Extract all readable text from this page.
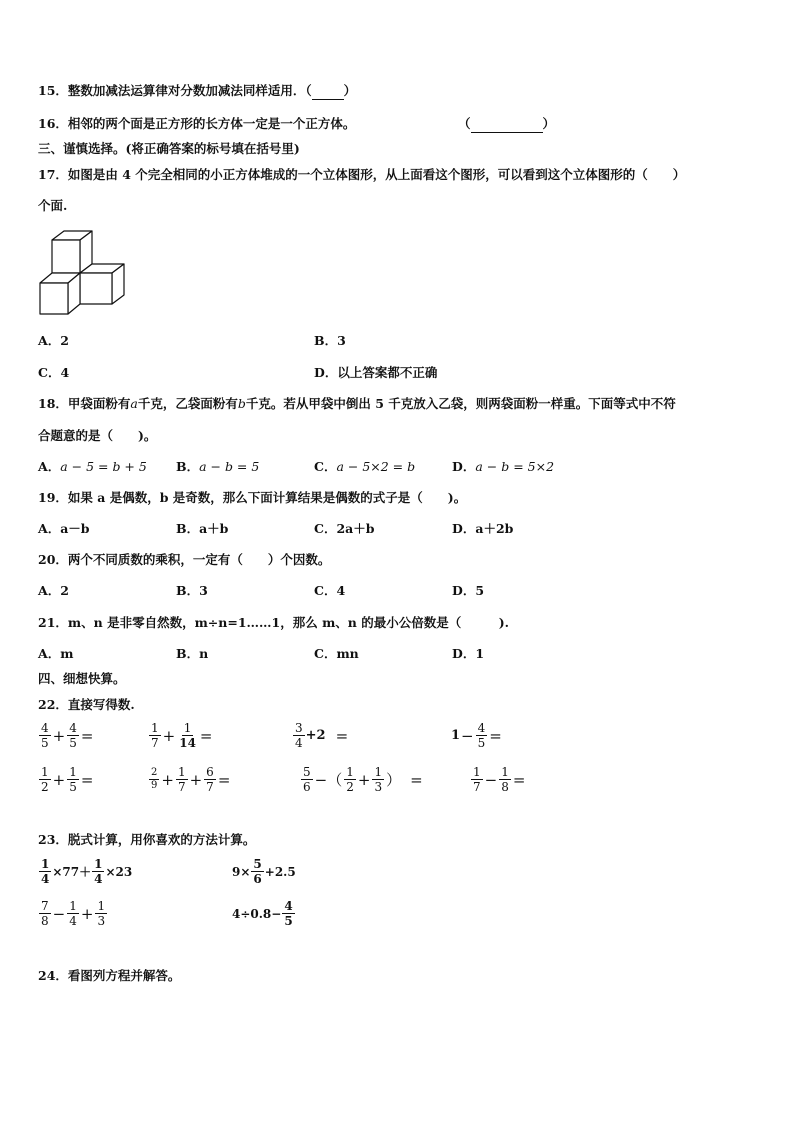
15．整数加减法运算律对分数加减法同样适用．（	）
16．相邻的两个面是正方形的长方体一定是一个正方体。	（	）
三、谨慎选择。(将正确答案的标号填在括号里)
17．如图是由 4 个完全相同的小正方体堆成的一个立体图形，从上面看这个图形，可以看到这个立体图形的（　　）
个面.
A．2	B．3
C．4	D．以上答案都不正确
18．甲袋面粉有a千克，乙袋面粉有b千克。若从甲袋中倒出 5 千克放入乙袋，则两袋面粉一样重。下面等式中不符
合题意的是（　　)。
A．a − 5 = b + 5 B．a − b = 5	C．a − 5×2 = b	D．a − b = 5×2
19．如果 a 是偶数，b 是奇数，那么下面计算结果是偶数的式子是（　　)。
A．a－b	B．a＋b	C．2a＋b	D．a＋2b
20．两个不同质数的乘积，一定有（　　）个因数。
A．2	B．3	C．4	D．5
21．m、n 是非零自然数，m÷n=1……1，那么 m、n 的最小公倍数是（　　　).
A．m	B．n	C．mn	D．1
四、细想快算。
22．直接写得数.
$\frac{4}{5} + \frac{4}{5}$ =	$\frac{1}{7} + \frac{1}{14}$ =	$\frac{3}{4} +2$ =	$1 - \frac{4}{5}$ =
$\frac{1}{2} + \frac{1}{5}$ =	$\frac{2}{9} + \frac{1}{7} + \frac{6}{7}$ =	$\frac{5}{6}$ −（ $\frac{1}{2} + \frac{1}{3}$ ） =	$\frac{1}{7} - \frac{1}{8}$ =
23．脱式计算，用你喜欢的方法计算。
$\frac{1}{4} \times 77+ \frac{1}{4} \times 23$	$9\times \frac{5}{6} +2.5$
$\frac{7}{8} - \frac{1}{4} + \frac{1}{3}$	$4\div 0.8- \frac{4}{5}$
24．看图列方程并解答。
